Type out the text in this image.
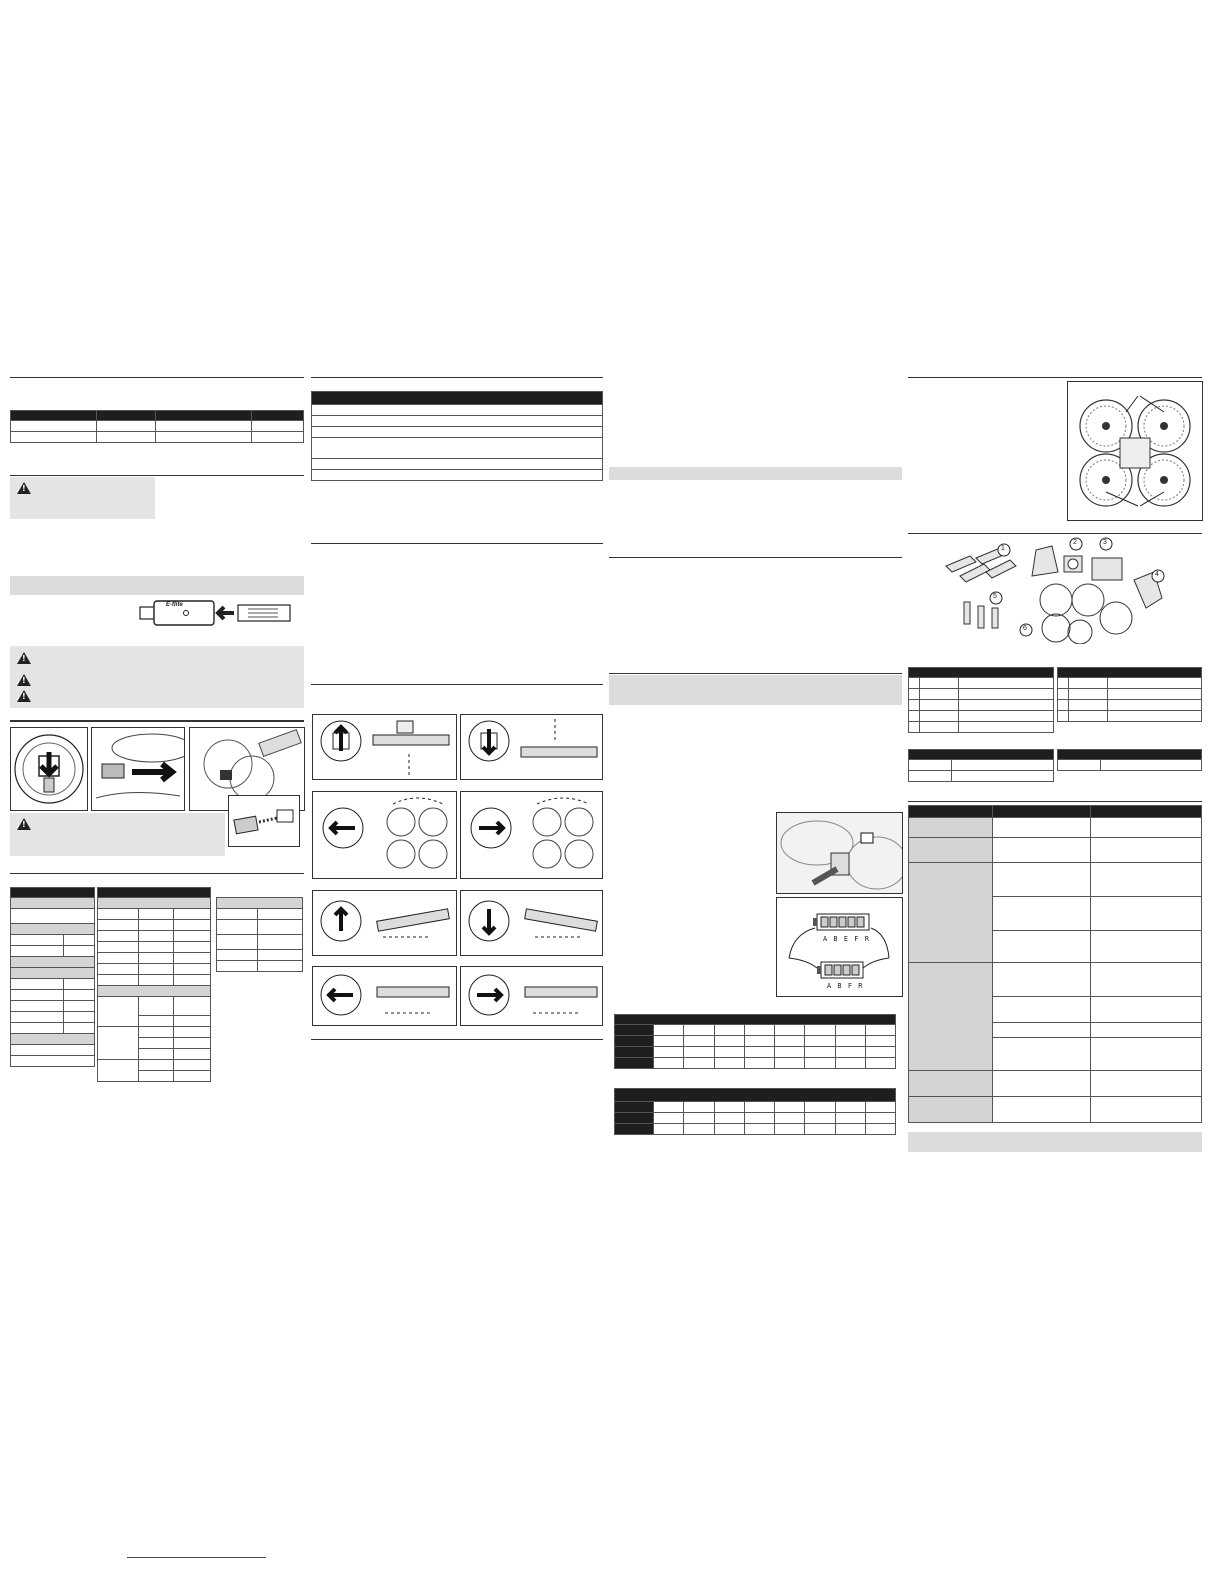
!
E-flite
!
!
!
!

A B E F R
A B F R

1
2	3
4
5
6
